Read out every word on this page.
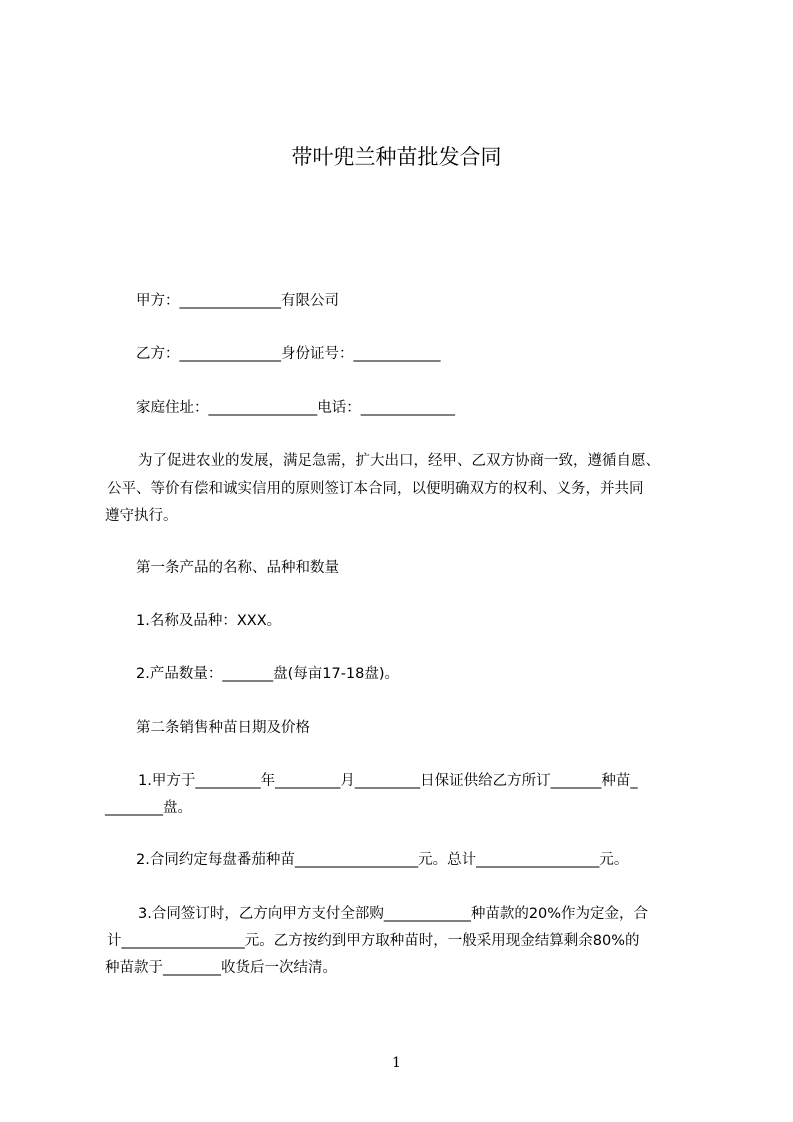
带叶兜兰种苗批发合同

甲方：______________有限公司

乙方：______________身份证号：____________

家庭住址：_______________电话：_____________

为了促进农业的发展，满足急需，扩大出口，经甲、乙双方协商一致，遵循自愿、

公平、等价有偿和诚实信用的原则签订本合同，以便明确双方的权利、义务，并共同

遵守执行。

第一条产品的名称、品种和数量

1.名称及品种：XXX。

2.产品数量：_______盘(每亩17-18盘)。

第二条销售种苗日期及价格

1.甲方于_________年_________月_________日保证供给乙方所订_______种苗_

________盘。

2.合同约定每盘番茄种苗_________________元。总计_________________元。

3.合同签订时，乙方向甲方支付全部购____________种苗款的20%作为定金，合

计_________________元。乙方按约到甲方取种苗时，一般采用现金结算剩余80%的

种苗款于________收货后一次结清。

1
